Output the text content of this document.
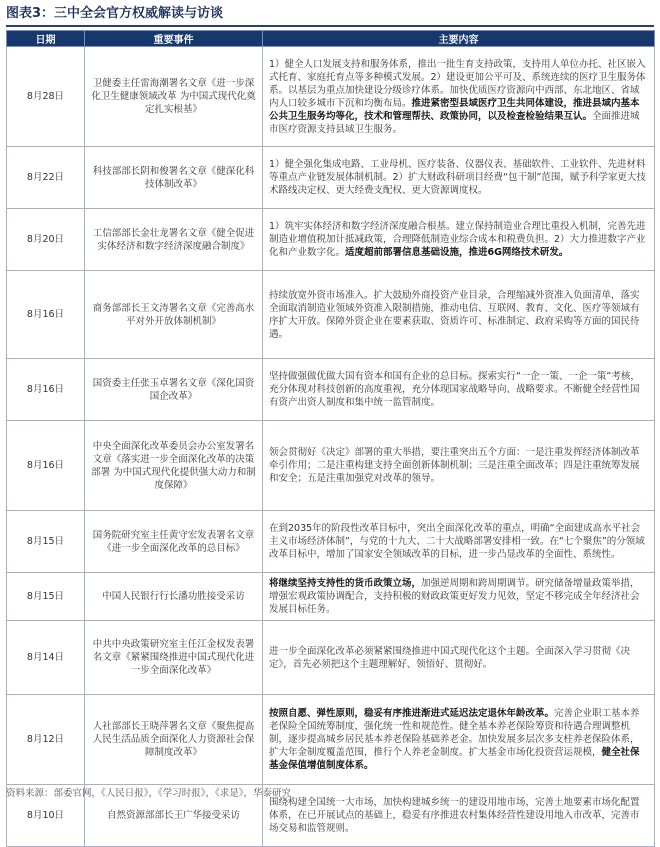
图表3：三中全会官方权威解读与访谈
日期	重要事件	主要内容
8月28日	卫健委主任雷海潮署名文章《进一步深化卫生健康领域改革 为中国式现代化奠定扎实根基》	1）健全人口发展支持和服务体系，推出一批生育支持政策，支持用人单位办托、社区嵌入式托育、家庭托育点等多种模式发展。2）建设更加公平可及、系统连续的医疗卫生服务体系。以基层为重点加快建设分级诊疗体系。加快优质医疗资源向中西部、东北地区、省域内人口较多城市下沉和均衡布局。推进紧密型县域医疗卫生共同体建设，推进县域内基本公共卫生服务均等化，技术和管理帮扶、政策协同，以及检查检验结果互认。全面推进城市医疗资源支持县域卫生服务。
8月22日	科技部部长阴和俊署名文章《健深化科技体制改革》	1）健全强化集成电路、工业母机、医疗装备、仪器仪表、基础软件、工业软件、先进材料等重点产业链发展体制机制。2）扩大财政科研项目经费“包干制”范围，赋予科学家更大技术路线决定权、更大经费支配权、更大资源调度权。
8月20日	工信部部长金壮龙署名文章《健全促进实体经济和数字经济深度融合制度》	1）筑牢实体经济和数字经济深度融合根基。建立保持制造业合理比重投入机制，完善先进制造业增值税加计抵减政策，合理降低制造业综合成本和税费负担。2）大力推进数字产业化和产业数字化。适度超前部署信息基础设施，推进6G网络技术研发。
8月16日	商务部部长王文涛署名文章《完善高水平对外开放体制机制》	持续放宽外资市场准入。扩大鼓励外商投资产业目录，合理缩减外资准入负面清单，落实全面取消制造业领域外资准入限制措施，推动电信、互联网、教育、文化、医疗等领域有序扩大开放。保障外资企业在要素获取、资质许可、标准制定、政府采购等方面的国民待遇。
8月16日	国资委主任张玉卓署名文章《深化国资国企改革》	坚持做强做优做大国有资本和国有企业的总目标。探索实行“一企一策、一企一策”考核，充分体现对科技创新的高度重视，充分体现国家战略导向、战略要求。不断健全经营性国有资产出资人制度和集中统一监管制度。
8月16日	中央全面深化改革委员会办公室发署名文章《落实进一步全面深化改革的决策部署 为中国式现代化提供强大动力和制度保障》	领会贯彻好《决定》部署的重大举措，要注重突出五个方面：一是注重发挥经济体制改革牵引作用；二是注重构建支持全面创新体制机制；三是注重全面改革；四是注重统筹发展和安全；五是注重加强党对改革的领导。
8月15日	国务院研究室主任黄守宏发表署名文章《进一步全面深化改革的总目标》	在到2035年的阶段性改革目标中，突出全面深化改革的重点，明确“全面建成高水平社会主义市场经济体制”，与党的十九大、二十大战略部署安排相一致。在“七个聚焦”的分领域改革目标中，增加了国家安全领域改革的目标，进一步凸显改革的全面性、系统性。
8月15日	中国人民银行行长潘功胜接受采访	将继续坚持支持性的货币政策立场，加强逆周期和跨周期调节。研究储备增量政策举措，增强宏观政策协调配合，支持积极的财政政策更好发力见效，坚定不移完成全年经济社会发展目标任务。
8月14日	中共中央政策研究室主任江金权发表署名文章《紧紧围绕推进中国式现代化进一步全面深化改革》	进一步全面深化改革必须紧紧围绕推进中国式现代化这个主题。全面深入学习贯彻《决定》，首先必须把这个主题理解好、领悟好、贯彻好。
8月12日	人社部部长王晓萍署名文章《聚焦提高人民生活品质全面深化人力资源社会保障制度改革》	按照自愿、弹性原则，稳妥有序推进渐进式延迟法定退休年龄改革。完善企业职工基本养老保险全国统筹制度，强化统一性和规范性。健全基本养老保险筹资和待遇合理调整机制，逐步提高城乡居民基本养老保险基础养老金。加快发展多层次多支柱养老保险体系，扩大年金制度覆盖范围，推行个人养老金制度。扩大基金市场化投资营运规模，健全社保基金保值增值制度体系。
8月10日	自然资源部部长王广华接受采访	围绕构建全国统一大市场，加快构建城乡统一的建设用地市场，完善土地要素市场化配置体系，在已开展试点的基础上，稳妥有序推进农村集体经营性建设用地入市改革，完善市场交易和监管规则。
资料来源：部委官网，《人民日报》，《学习时报》，《求是》，华泰研究
